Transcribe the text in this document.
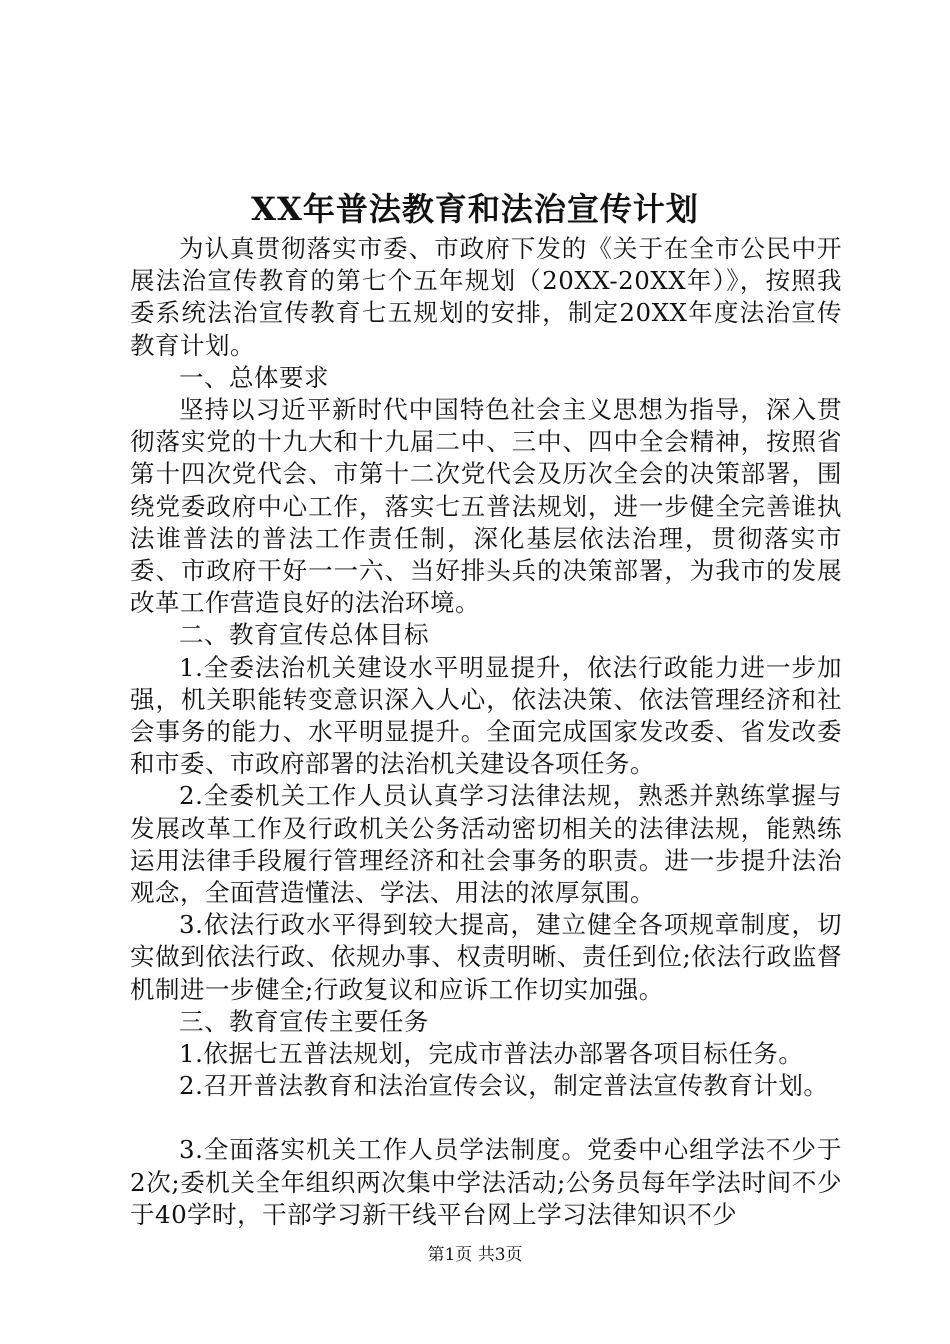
XX年普法教育和法治宣传计划

为认真贯彻落实市委、市政府下发的《关于在全市公民中开展法治宣传教育的第七个五年规划（20XX-20XX年）》，按照我委系统法治宣传教育七五规划的安排，制定20XX年度法治宣传教育计划。

一、总体要求

坚持以习近平新时代中国特色社会主义思想为指导，深入贯彻落实党的十九大和十九届二中、三中、四中全会精神，按照省第十四次党代会、市第十二次党代会及历次全会的决策部署，围绕党委政府中心工作，落实七五普法规划，进一步健全完善谁执法谁普法的普法工作责任制，深化基层依法治理，贯彻落实市委、市政府干好一一六、当好排头兵的决策部署，为我市的发展改革工作营造良好的法治环境。

二、教育宣传总体目标

1.全委法治机关建设水平明显提升，依法行政能力进一步加强，机关职能转变意识深入人心，依法决策、依法管理经济和社会事务的能力、水平明显提升。全面完成国家发改委、省发改委和市委、市政府部署的法治机关建设各项任务。

2.全委机关工作人员认真学习法律法规，熟悉并熟练掌握与发展改革工作及行政机关公务活动密切相关的法律法规，能熟练运用法律手段履行管理经济和社会事务的职责。进一步提升法治观念，全面营造懂法、学法、用法的浓厚氛围。

3.依法行政水平得到较大提高，建立健全各项规章制度，切实做到依法行政、依规办事、权责明晰、责任到位;依法行政监督机制进一步健全;行政复议和应诉工作切实加强。

三、教育宣传主要任务

1.依据七五普法规划，完成市普法办部署各项目标任务。

2.召开普法教育和法治宣传会议，制定普法宣传教育计划。

3.全面落实机关工作人员学法制度。党委中心组学法不少于2次;委机关全年组织两次集中学法活动;公务员每年学法时间不少于40学时，干部学习新干线平台网上学习法律知识不少

第1页 共3页
